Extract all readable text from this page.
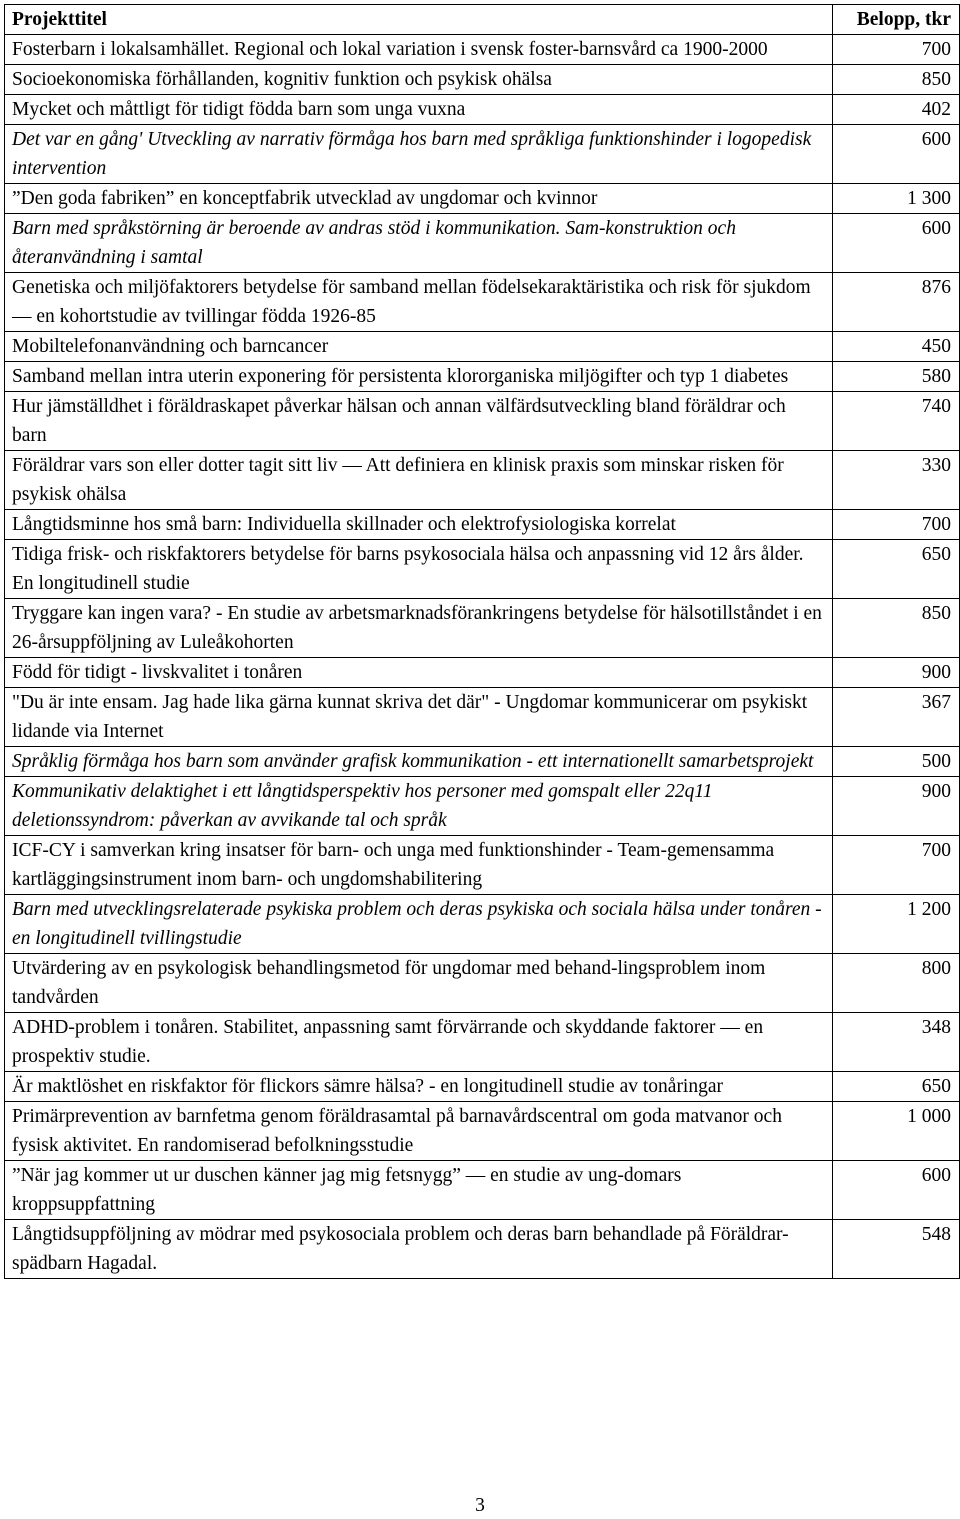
Projekttitel	Belopp, tkr
Fosterbarn i lokalsamhället. Regional och lokal variation i svensk foster-barnsvård ca 1900-2000	700
Socioekonomiska förhållanden, kognitiv funktion och psykisk ohälsa	850
Mycket och måttligt för tidigt födda barn som unga vuxna	402
Det var en gång' Utveckling av narrativ förmåga hos barn med språkliga funktionshinder i logopedisk intervention	600
”Den goda fabriken” en konceptfabrik utvecklad av ungdomar och kvinnor	1 300
Barn med språkstörning är beroende av andras stöd i kommunikation. Sam-konstruktion och återanvändning i samtal	600
Genetiska och miljöfaktorers betydelse för samband mellan födelsekaraktäristika och risk för sjukdom — en kohortstudie av tvillingar födda 1926-85	876
Mobiltelefonanvändning och barncancer	450
Samband mellan intra uterin exponering för persistenta klororganiska miljögifter och typ 1 diabetes	580
Hur jämställdhet i föräldraskapet påverkar hälsan och annan välfärdsutveckling bland föräldrar och barn	740
Föräldrar vars son eller dotter tagit sitt liv — Att definiera en klinisk praxis som minskar risken för psykisk ohälsa	330
Långtidsminne hos små barn: Individuella skillnader och elektrofysiologiska korrelat	700
Tidiga frisk- och riskfaktorers betydelse för barns psykosociala hälsa och anpassning vid 12 års ålder. En longitudinell studie	650
Tryggare kan ingen vara? - En studie av arbetsmarknadsförankringens betydelse för hälsotillståndet i en 26-årsuppföljning av Luleåkohorten	850
Född för tidigt - livskvalitet i tonåren	900
"Du är inte ensam. Jag hade lika gärna kunnat skriva det där" - Ungdomar kommunicerar om psykiskt lidande via Internet	367
Språklig förmåga hos barn som använder grafisk kommunikation - ett internationellt samarbetsprojekt	500
Kommunikativ delaktighet i ett långtidsperspektiv hos personer med gomspalt eller 22q11 deletionssyndrom: påverkan av avvikande tal och språk	900
ICF-CY i samverkan kring insatser för barn- och unga med funktionshinder - Team-gemensamma kartläggingsinstrument inom barn- och ungdomshabilitering	700
Barn med utvecklingsrelaterade psykiska problem och deras psykiska och sociala hälsa under tonåren - en longitudinell tvillingstudie	1 200
Utvärdering av en psykologisk behandlingsmetod för ungdomar med behand-lingsproblem inom tandvården	800
ADHD-problem i tonåren. Stabilitet, anpassning samt förvärrande och skyddande faktorer — en prospektiv studie.	348
Är maktlöshet en riskfaktor för flickors sämre hälsa? - en longitudinell studie av tonåringar	650
Primärprevention av barnfetma genom föräldrasamtal på barnavårdscentral om goda matvanor och fysisk aktivitet. En randomiserad befolkningsstudie	1 000
”När jag kommer ut ur duschen känner jag mig fetsnygg” — en studie av ung-domars kroppsuppfattning	600
Långtidsuppföljning av mödrar med psykosociala problem och deras barn behandlade på Föräldrar-spädbarn Hagadal.	548
3
